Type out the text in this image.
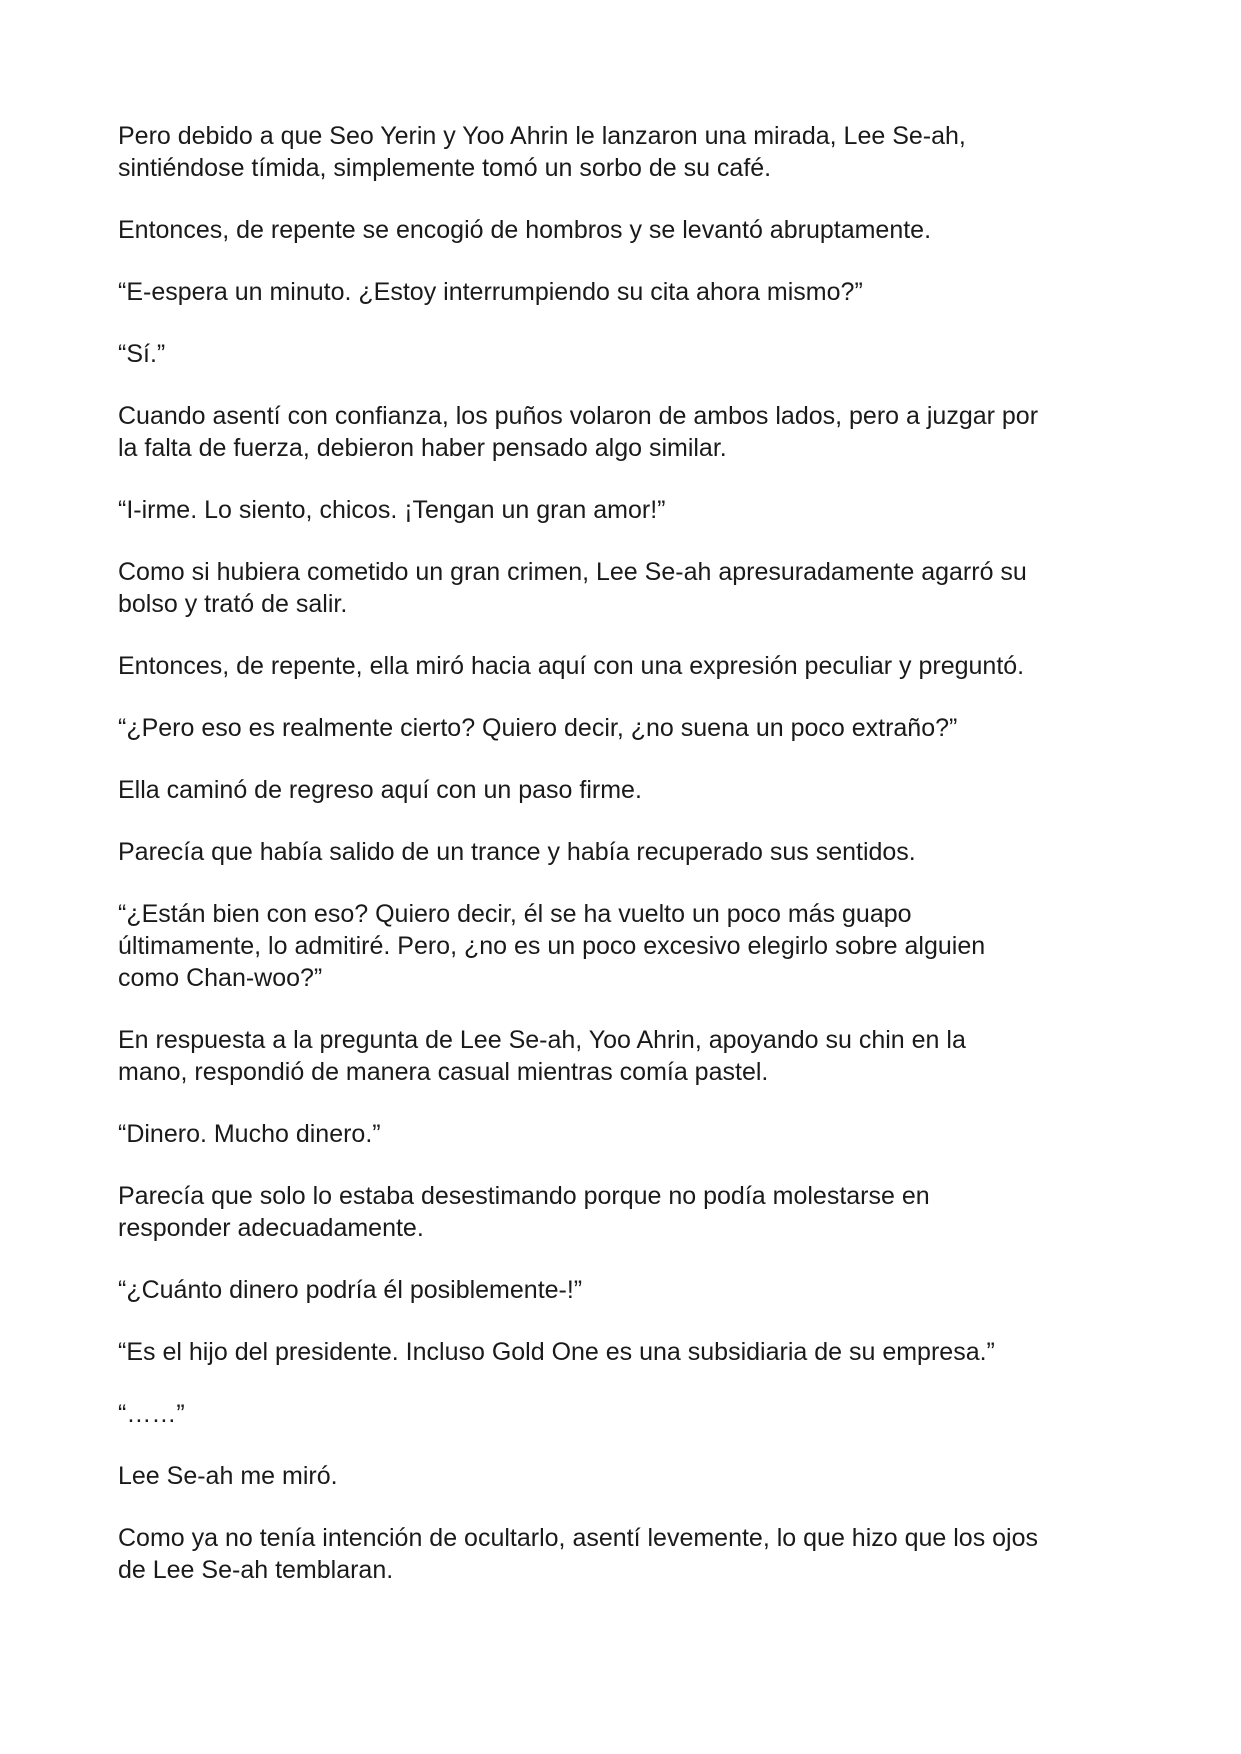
Pero debido a que Seo Yerin y Yoo Ahrin le lanzaron una mirada, Lee Se-ah,
sintiéndose tímida, simplemente tomó un sorbo de su café.

Entonces, de repente se encogió de hombros y se levantó abruptamente.

“E-espera un minuto. ¿Estoy interrumpiendo su cita ahora mismo?”

“Sí.”

Cuando asentí con confianza, los puños volaron de ambos lados, pero a juzgar por
la falta de fuerza, debieron haber pensado algo similar.

“I-irme. Lo siento, chicos. ¡Tengan un gran amor!”

Como si hubiera cometido un gran crimen, Lee Se-ah apresuradamente agarró su
bolso y trató de salir.

Entonces, de repente, ella miró hacia aquí con una expresión peculiar y preguntó.

“¿Pero eso es realmente cierto? Quiero decir, ¿no suena un poco extraño?”

Ella caminó de regreso aquí con un paso firme.

Parecía que había salido de un trance y había recuperado sus sentidos.

“¿Están bien con eso? Quiero decir, él se ha vuelto un poco más guapo
últimamente, lo admitiré. Pero, ¿no es un poco excesivo elegirlo sobre alguien
como Chan-woo?”

En respuesta a la pregunta de Lee Se-ah, Yoo Ahrin, apoyando su chin en la
mano, respondió de manera casual mientras comía pastel.

“Dinero. Mucho dinero.”

Parecía que solo lo estaba desestimando porque no podía molestarse en
responder adecuadamente.

“¿Cuánto dinero podría él posiblemente-!”

“Es el hijo del presidente. Incluso Gold One es una subsidiaria de su empresa.”

“……”

Lee Se-ah me miró.

Como ya no tenía intención de ocultarlo, asentí levemente, lo que hizo que los ojos
de Lee Se-ah temblaran.
